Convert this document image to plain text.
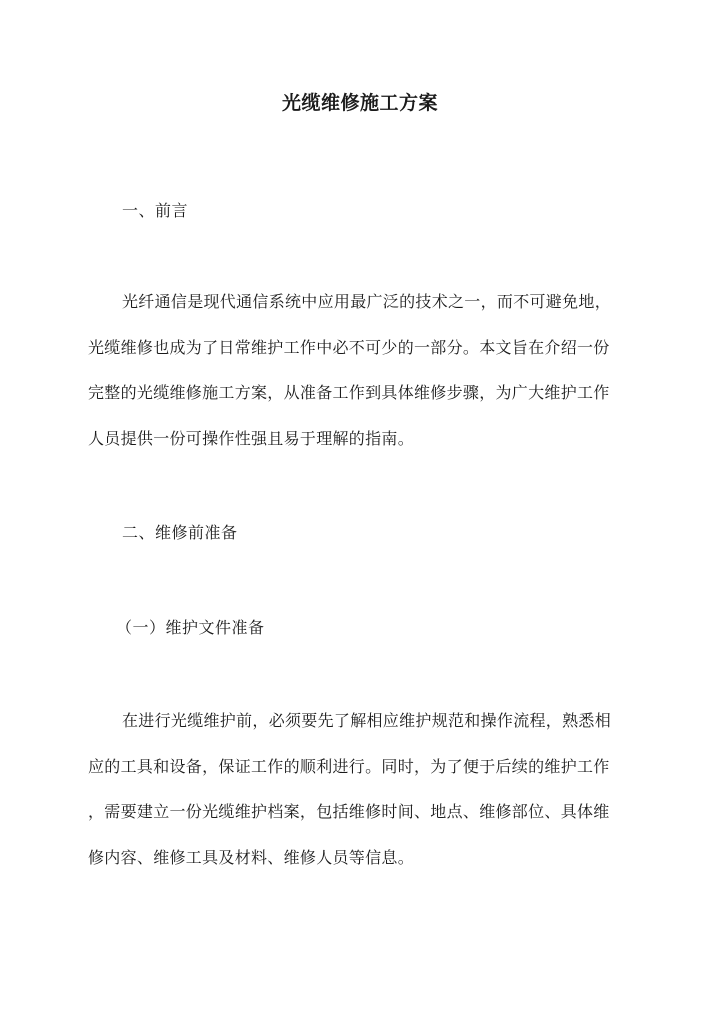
光缆维修施工方案
一、前言
光纤通信是现代通信系统中应用最广泛的技术之一，而不可避免地，
光缆维修也成为了日常维护工作中必不可少的一部分。本文旨在介绍一份
完整的光缆维修施工方案，从准备工作到具体维修步骤，为广大维护工作
人员提供一份可操作性强且易于理解的指南。
二、维修前准备
（一）维护文件准备
在进行光缆维护前，必须要先了解相应维护规范和操作流程，熟悉相
应的工具和设备，保证工作的顺利进行。同时，为了便于后续的维护工作
，需要建立一份光缆维护档案，包括维修时间、地点、维修部位、具体维
修内容、维修工具及材料、维修人员等信息。
